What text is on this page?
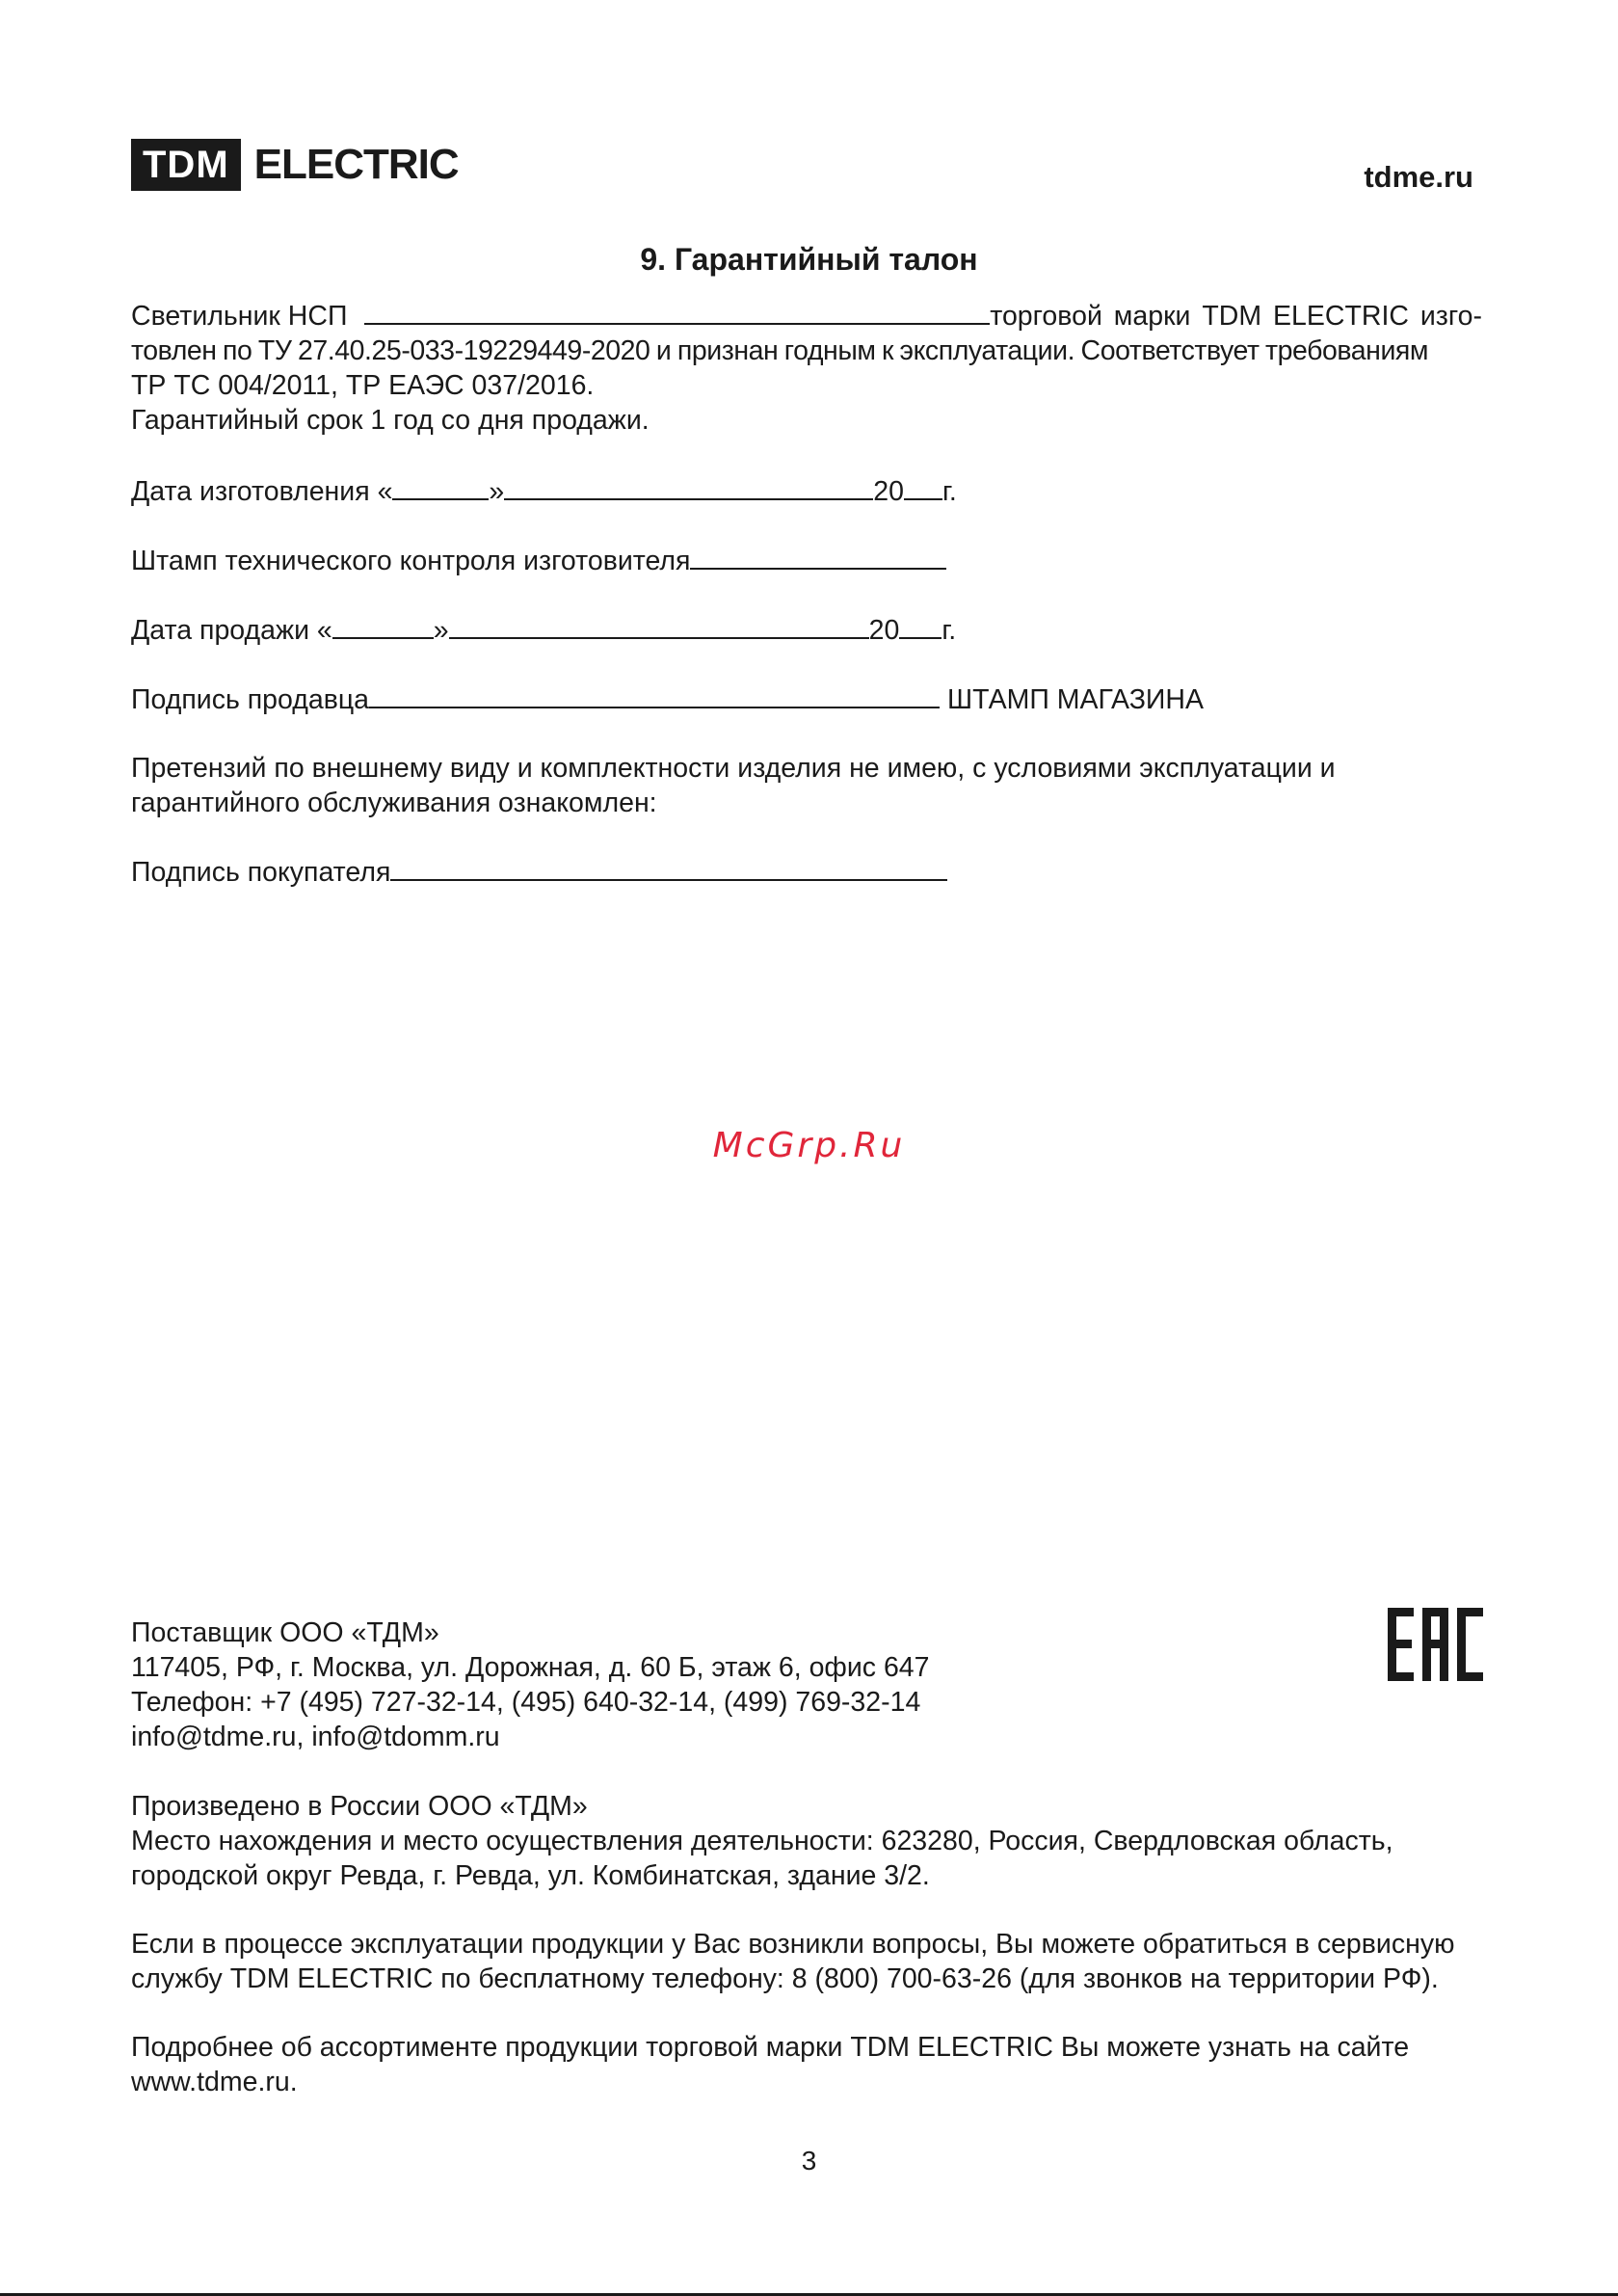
TDM ELECTRIC	tdme.ru
9. Гарантийный талон
Светильник НСП	торговой марки TDM ELECTRIC изго-
товлен по ТУ 27.40.25-033-19229449-2020 и признан годным к эксплуатации. Соответствует требованиям
ТР ТС 004/2011, ТР ЕАЭС 037/2016.
Гарантийный срок 1 год со дня продажи.
Дата изготовления «	»	20 г.
Штамп технического контроля изготовителя
Дата продажи «	»	20 г.
Подпись продавца	ШТАМП МАГАЗИНА
Претензий по внешнему виду и комплектности изделия не имею, с условиями эксплуатации и
гарантийного обслуживания ознакомлен:
Подпись покупателя
McGrp.Ru
Поставщик ООО «ТДМ»
117405, РФ, г. Москва, ул. Дорожная, д. 60 Б, этаж 6, офис 647
Телефон: +7 (495) 727-32-14, (495) 640-32-14, (499) 769-32-14
info@tdme.ru, info@tdomm.ru
Произведено в России ООО «ТДМ»
Место нахождения и место осуществления деятельности: 623280, Россия, Свердловская область,
городской округ Ревда, г. Ревда, ул. Комбинатская, здание 3/2.
Если в процессе эксплуатации продукции у Вас возникли вопросы, Вы можете обратиться в сервисную
службу TDM ELECTRIC по бесплатному телефону: 8 (800) 700-63-26 (для звонков на территории РФ).
Подробнее об ассортименте продукции торговой марки TDM ELECTRIC Вы можете узнать на сайте
www.tdme.ru.
3
